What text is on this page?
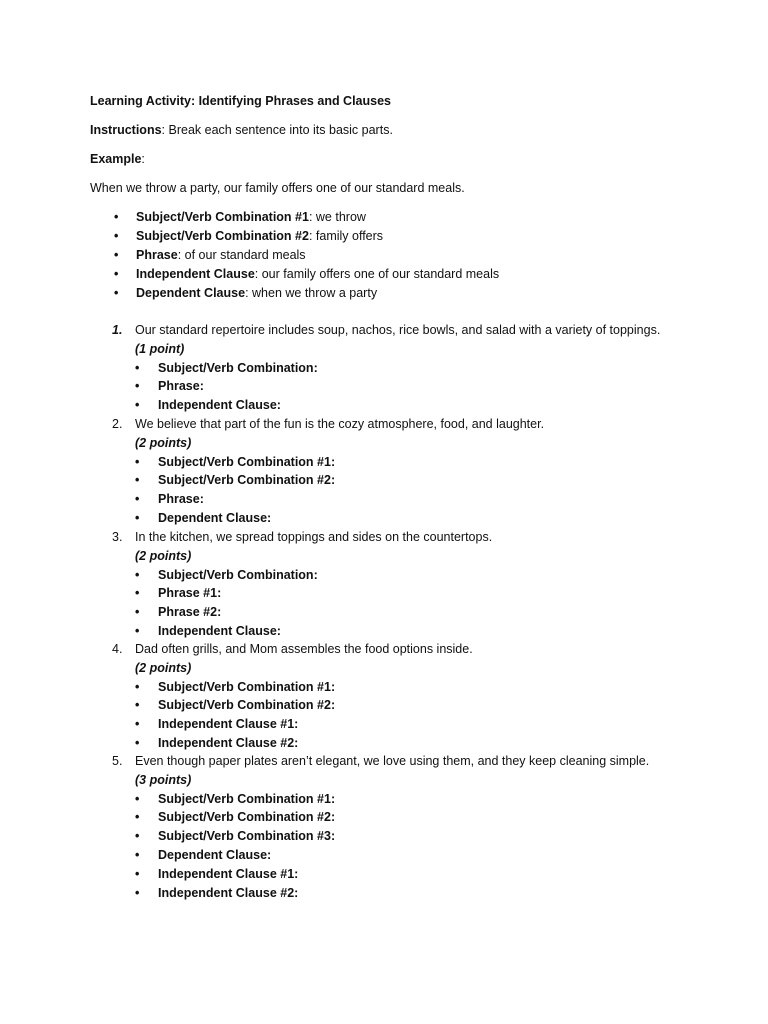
Learning Activity: Identifying Phrases and Clauses
Instructions: Break each sentence into its basic parts.
Example:
When we throw a party, our family offers one of our standard meals.
• Subject/Verb Combination #1: we throw
• Subject/Verb Combination #2: family offers
• Phrase: of our standard meals
• Independent Clause: our family offers one of our standard meals
• Dependent Clause: when we throw a party
1.	Our standard repertoire includes soup, nachos, rice bowls, and salad with a variety of toppings.
(1 point)
• Subject/Verb Combination:
• Phrase:
• Independent Clause:
2.	We believe that part of the fun is the cozy atmosphere, food, and laughter.
(2 points)
• Subject/Verb Combination #1:
• Subject/Verb Combination #2:
• Phrase:
• Dependent Clause:
3.	In the kitchen, we spread toppings and sides on the countertops.
(2 points)
• Subject/Verb Combination:
• Phrase #1:
• Phrase #2:
• Independent Clause:
4.	Dad often grills, and Mom assembles the food options inside.
(2 points)
• Subject/Verb Combination #1:
• Subject/Verb Combination #2:
• Independent Clause #1:
• Independent Clause #2:
5.	Even though paper plates aren’t elegant, we love using them, and they keep cleaning simple.
(3 points)
• Subject/Verb Combination #1:
• Subject/Verb Combination #2:
• Subject/Verb Combination #3:
• Dependent Clause:
• Independent Clause #1:
• Independent Clause #2:
